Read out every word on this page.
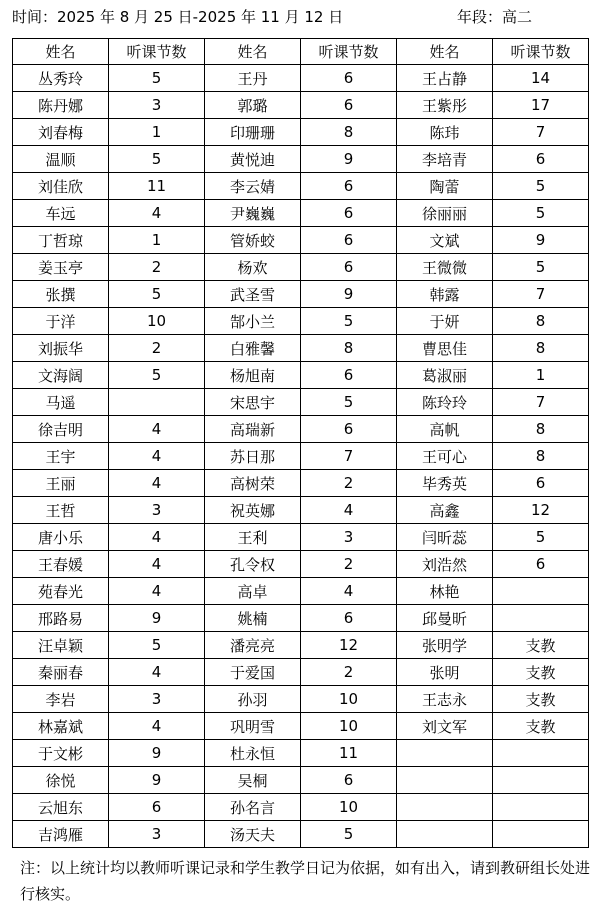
时间：2025 年 8 月 25 日-2025 年 11 月 12 日	年段：高二
姓名	听课节数	姓名	听课节数	姓名	听课节数
丛秀玲	5	王丹	6	王占静	14
陈丹娜	3	郭璐	6	王紫彤	17
刘春梅	1	印珊珊	8	陈玮	7
温顺	5	黄悦迪	9	李培青	6
刘佳欣	11	李云婧	6	陶蕾	5
车远	4	尹巍巍	6	徐丽丽	5
丁哲琼	1	管娇蛟	6	文斌	9
姜玉亭	2	杨欢	6	王微微	5
张撰	5	武圣雪	9	韩露	7
于洋	10	郜小兰	5	于妍	8
刘振华	2	白雅馨	8	曹思佳	8
文海阔	5	杨旭南	6	葛淑丽	1
马遥		宋思宇	5	陈玲玲	7
徐吉明	4	高瑞新	6	高帆	8
王宇	4	苏日那	7	王可心	8
王丽	4	高树荣	2	毕秀英	6
王哲	3	祝英娜	4	高鑫	12
唐小乐	4	王利	3	闫昕蕊	5
王春媛	4	孔令权	2	刘浩然	6
苑春光	4	高卓	4	林艳	
邢路易	9	姚楠	6	邱曼昕	
汪卓颖	5	潘亮亮	12	张明学	支教
秦丽春	4	于爱国	2	张明	支教
李岩	3	孙羽	10	王志永	支教
林嘉斌	4	巩明雪	10	刘文军	支教
于文彬	9	杜永恒	11		
徐悦	9	吴桐	6		
云旭东	6	孙名言	10		
吉鸿雁	3	汤天夫	5		
注：以上统计均以教师听课记录和学生教学日记为依据，如有出入，请到教研组长处进行核实。
